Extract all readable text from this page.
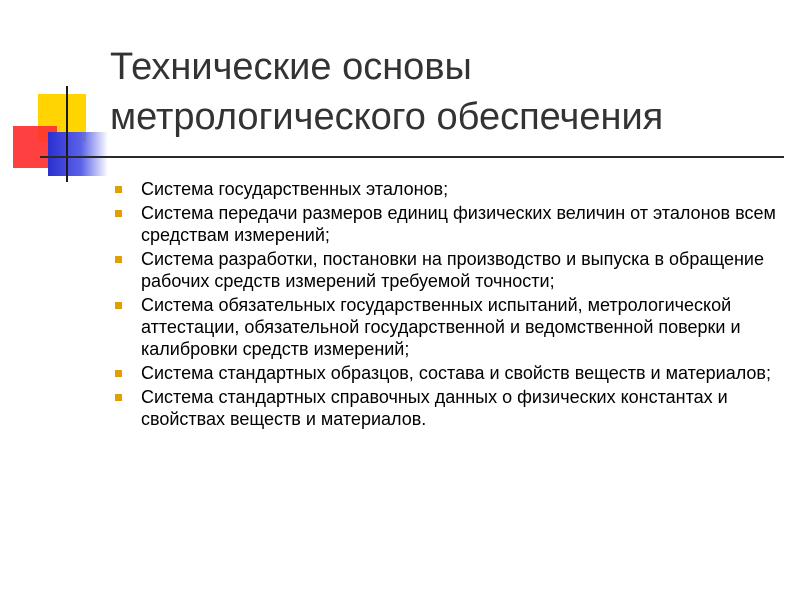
Технические основы
метрологического обеспечения
Система государственных эталонов;
Система передачи размеров единиц физических величин от эталонов всем средствам измерений;
Система разработки, постановки на производство и выпуска в обращение рабочих средств измерений требуемой точности;
Система обязательных государственных испытаний, метрологической аттестации, обязательной государственной и ведомственной поверки и калибровки средств измерений;
Система стандартных образцов, состава и свойств веществ и материалов;
Система стандартных справочных данных о физических константах и свойствах веществ и материалов.
